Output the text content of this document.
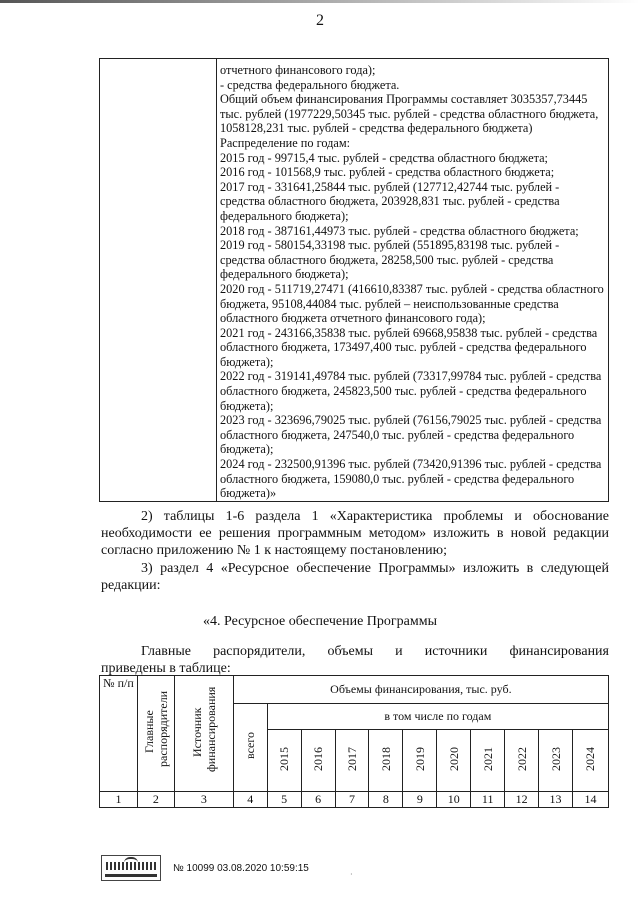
2
отчетного финансового года);
- средства федерального бюджета.
Общий объем финансирования Программы составляет 3035357,73445 тыс. рублей (1977229,50345 тыс. рублей - средства областного бюджета, 1058128,231 тыс. рублей - средства федерального бюджета)
Распределение по годам:
2015 год - 99715,4 тыс. рублей - средства областного бюджета;
2016 год - 101568,9 тыс. рублей - средства областного бюджета;
2017 год - 331641,25844 тыс. рублей (127712,42744 тыс. рублей - средства областного бюджета, 203928,831 тыс. рублей - средства федерального бюджета);
2018 год - 387161,44973 тыс. рублей - средства областного бюджета;
2019 год - 580154,33198 тыс. рублей (551895,83198 тыс. рублей - средства областного бюджета, 28258,500 тыс. рублей - средства федерального бюджета);
2020 год - 511719,27471 (416610,83387 тыс. рублей - средства областного бюджета, 95108,44084 тыс. рублей – неиспользованные средства областного бюджета отчетного финансового года);
2021 год - 243166,35838 тыс. рублей 69668,95838 тыс. рублей - средства областного бюджета, 173497,400 тыс. рублей - средства федерального бюджета);
2022 год - 319141,49784 тыс. рублей (73317,99784 тыс. рублей - средства областного бюджета, 245823,500 тыс. рублей - средства федерального бюджета);
2023 год - 323696,79025 тыс. рублей (76156,79025 тыс. рублей - средства областного бюджета, 247540,0 тыс. рублей - средства федерального бюджета);
2024 год - 232500,91396 тыс. рублей (73420,91396 тыс. рублей - средства областного бюджета, 159080,0 тыс. рублей - средства федерального бюджета)»
2) таблицы 1-6 раздела 1 «Характеристика проблемы и обоснование необходимости ее решения программным методом» изложить в новой редакции согласно приложению № 1 к настоящему постановлению;
3) раздел 4 «Ресурсное обеспечение Программы» изложить в следующей редакции:
«4. Ресурсное обеспечение Программы
Главные распорядители, объемы и источники финансирования
приведены в таблице:
№ п/п	Главные распорядители	Источник финансирования	Объемы финансирования, тыс. руб.										
			всего	в том числе по годам									
				2015	2016	2017	2018	2019	2020	2021	2022	2023	2024
1	2	3	4	5	6	7	8	9	10	11	12	13	14
№ 10099 03.08.2020 10:59:15
·
